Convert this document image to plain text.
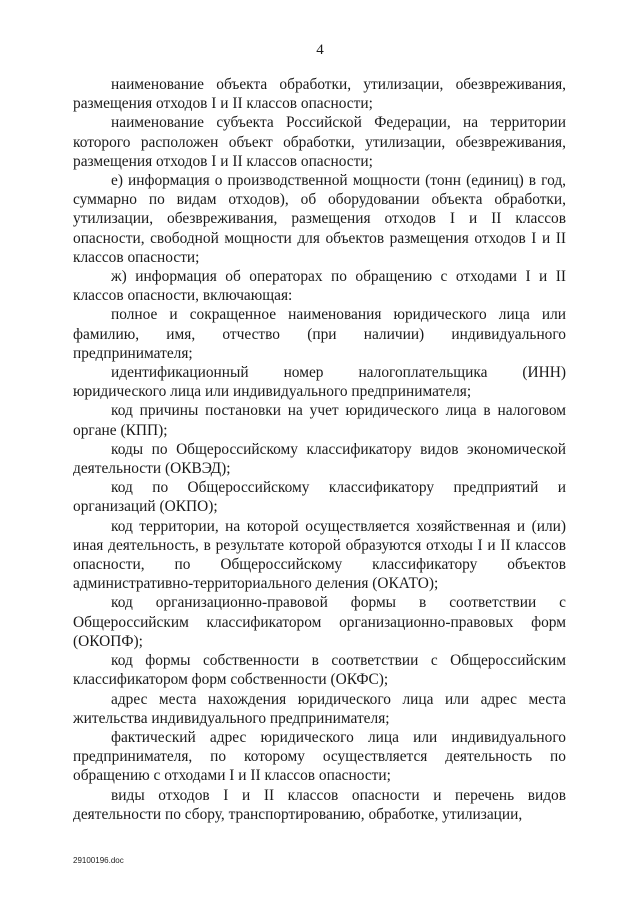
4

наименование объекта обработки, утилизации, обезвреживания, размещения отходов I и II классов опасности;

наименование субъекта Российской Федерации, на территории которого расположен объект обработки, утилизации, обезвреживания, размещения отходов I и II классов опасности;

е) информация о производственной мощности (тонн (единиц) в год, суммарно по видам отходов), об оборудовании объекта обработки, утилизации, обезвреживания, размещения отходов I и II классов опасности, свободной мощности для объектов размещения отходов I и II классов опасности;

ж) информация об операторах по обращению с отходами I и II классов опасности, включающая:

полное и сокращенное наименования юридического лица или фамилию, имя, отчество (при наличии) индивидуального предпринимателя;

идентификационный номер налогоплательщика (ИНН) юридического лица или индивидуального предпринимателя;

код причины постановки на учет юридического лица в налоговом органе (КПП);

коды по Общероссийскому классификатору видов экономической деятельности (ОКВЭД);

код по Общероссийскому классификатору предприятий и организаций (ОКПО);

код территории, на которой осуществляется хозяйственная и (или) иная деятельность, в результате которой образуются отходы I и II классов опасности, по Общероссийскому классификатору объектов административно-территориального деления (ОКАТО);

код организационно-правовой формы в соответствии с Общероссийским классификатором организационно-правовых форм (ОКОПФ);

код формы собственности в соответствии с Общероссийским классификатором форм собственности (ОКФС);

адрес места нахождения юридического лица или адрес места жительства индивидуального предпринимателя;

фактический адрес юридического лица или индивидуального предпринимателя, по которому осуществляется деятельность по обращению с отходами I и II классов опасности;

виды отходов I и II классов опасности и перечень видов деятельности по сбору, транспортированию, обработке, утилизации,

29100196.doc
